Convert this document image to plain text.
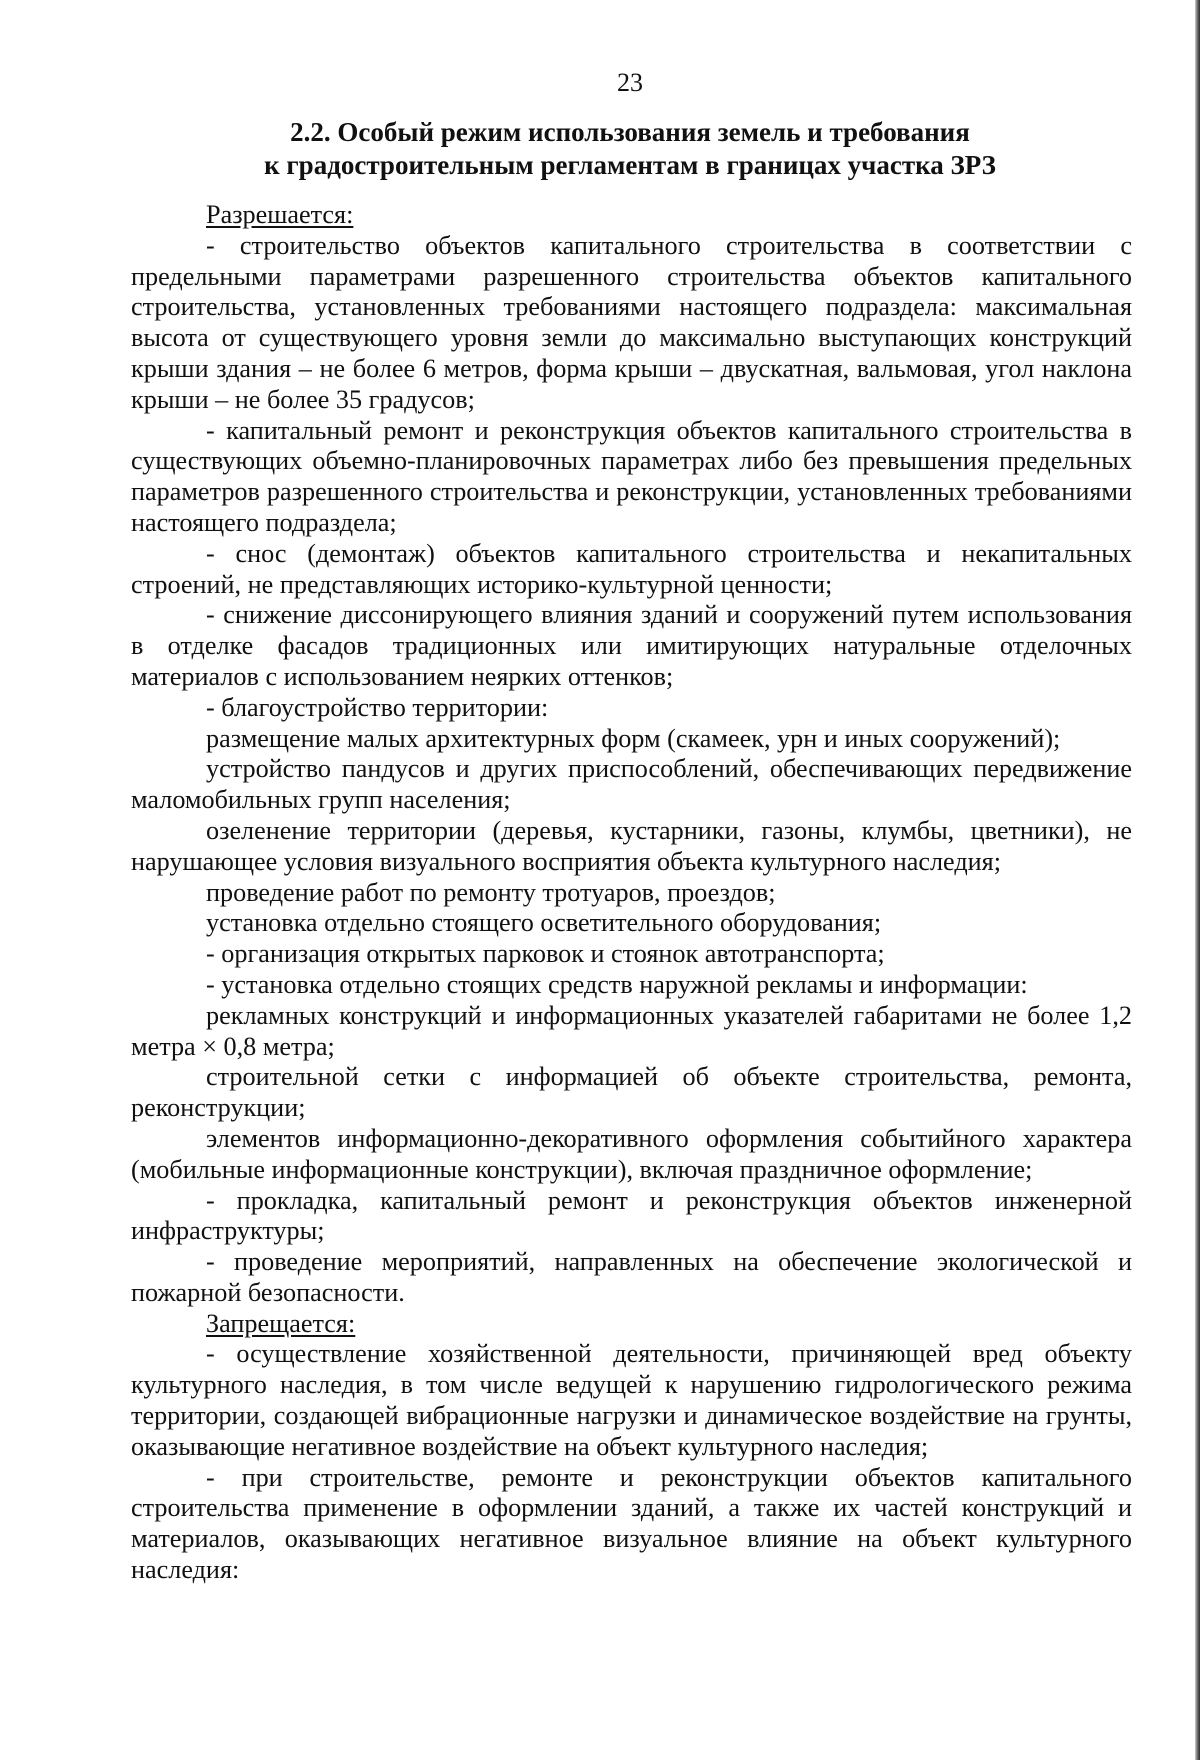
23
2.2. Особый режим использования земель и требования
к градостроительным регламентам в границах участка ЗРЗ

Разрешается:

- строительство объектов капитального строительства в соответствии с предельными параметрами разрешенного строительства объектов капитального строительства, установленных требованиями настоящего подраздела: максимальная высота от существующего уровня земли до максимально выступающих конструкций крыши здания – не более 6 метров, форма крыши – двускатная, вальмовая, угол наклона крыши – не более 35 градусов;

- капитальный ремонт и реконструкция объектов капитального строительства в существующих объемно-планировочных параметрах либо без превышения предельных параметров разрешенного строительства и реконструкции, установленных требованиями настоящего подраздела;

- снос (демонтаж) объектов капитального строительства и некапитальных строений, не представляющих историко-культурной ценности;

- снижение диссонирующего влияния зданий и сооружений путем использования в отделке фасадов традиционных или имитирующих натуральные отделочных материалов с использованием неярких оттенков;

- благоустройство территории:

размещение малых архитектурных форм (скамеек, урн и иных сооружений);

устройство пандусов и других приспособлений, обеспечивающих передвижение маломобильных групп населения;

озеленение территории (деревья, кустарники, газоны, клумбы, цветники), не нарушающее условия визуального восприятия объекта культурного наследия;

проведение работ по ремонту тротуаров, проездов;

установка отдельно стоящего осветительного оборудования;

- организация открытых парковок и стоянок автотранспорта;

- установка отдельно стоящих средств наружной рекламы и информации:

рекламных конструкций и информационных указателей габаритами не более 1,2 метра × 0,8 метра;

строительной сетки с информацией об объекте строительства, ремонта, реконструкции;

элементов информационно-декоративного оформления событийного характера (мобильные информационные конструкции), включая праздничное оформление;

- прокладка, капитальный ремонт и реконструкция объектов инженерной инфраструктуры;

- проведение мероприятий, направленных на обеспечение экологической и пожарной безопасности.

Запрещается:

- осуществление хозяйственной деятельности, причиняющей вред объекту культурного наследия, в том числе ведущей к нарушению гидрологического режима территории, создающей вибрационные нагрузки и динамическое воздействие на грунты, оказывающие негативное воздействие на объект культурного наследия;

- при строительстве, ремонте и реконструкции объектов капитального строительства применение в оформлении зданий, а также их частей конструкций и материалов, оказывающих негативное визуальное влияние на объект культурного наследия:
